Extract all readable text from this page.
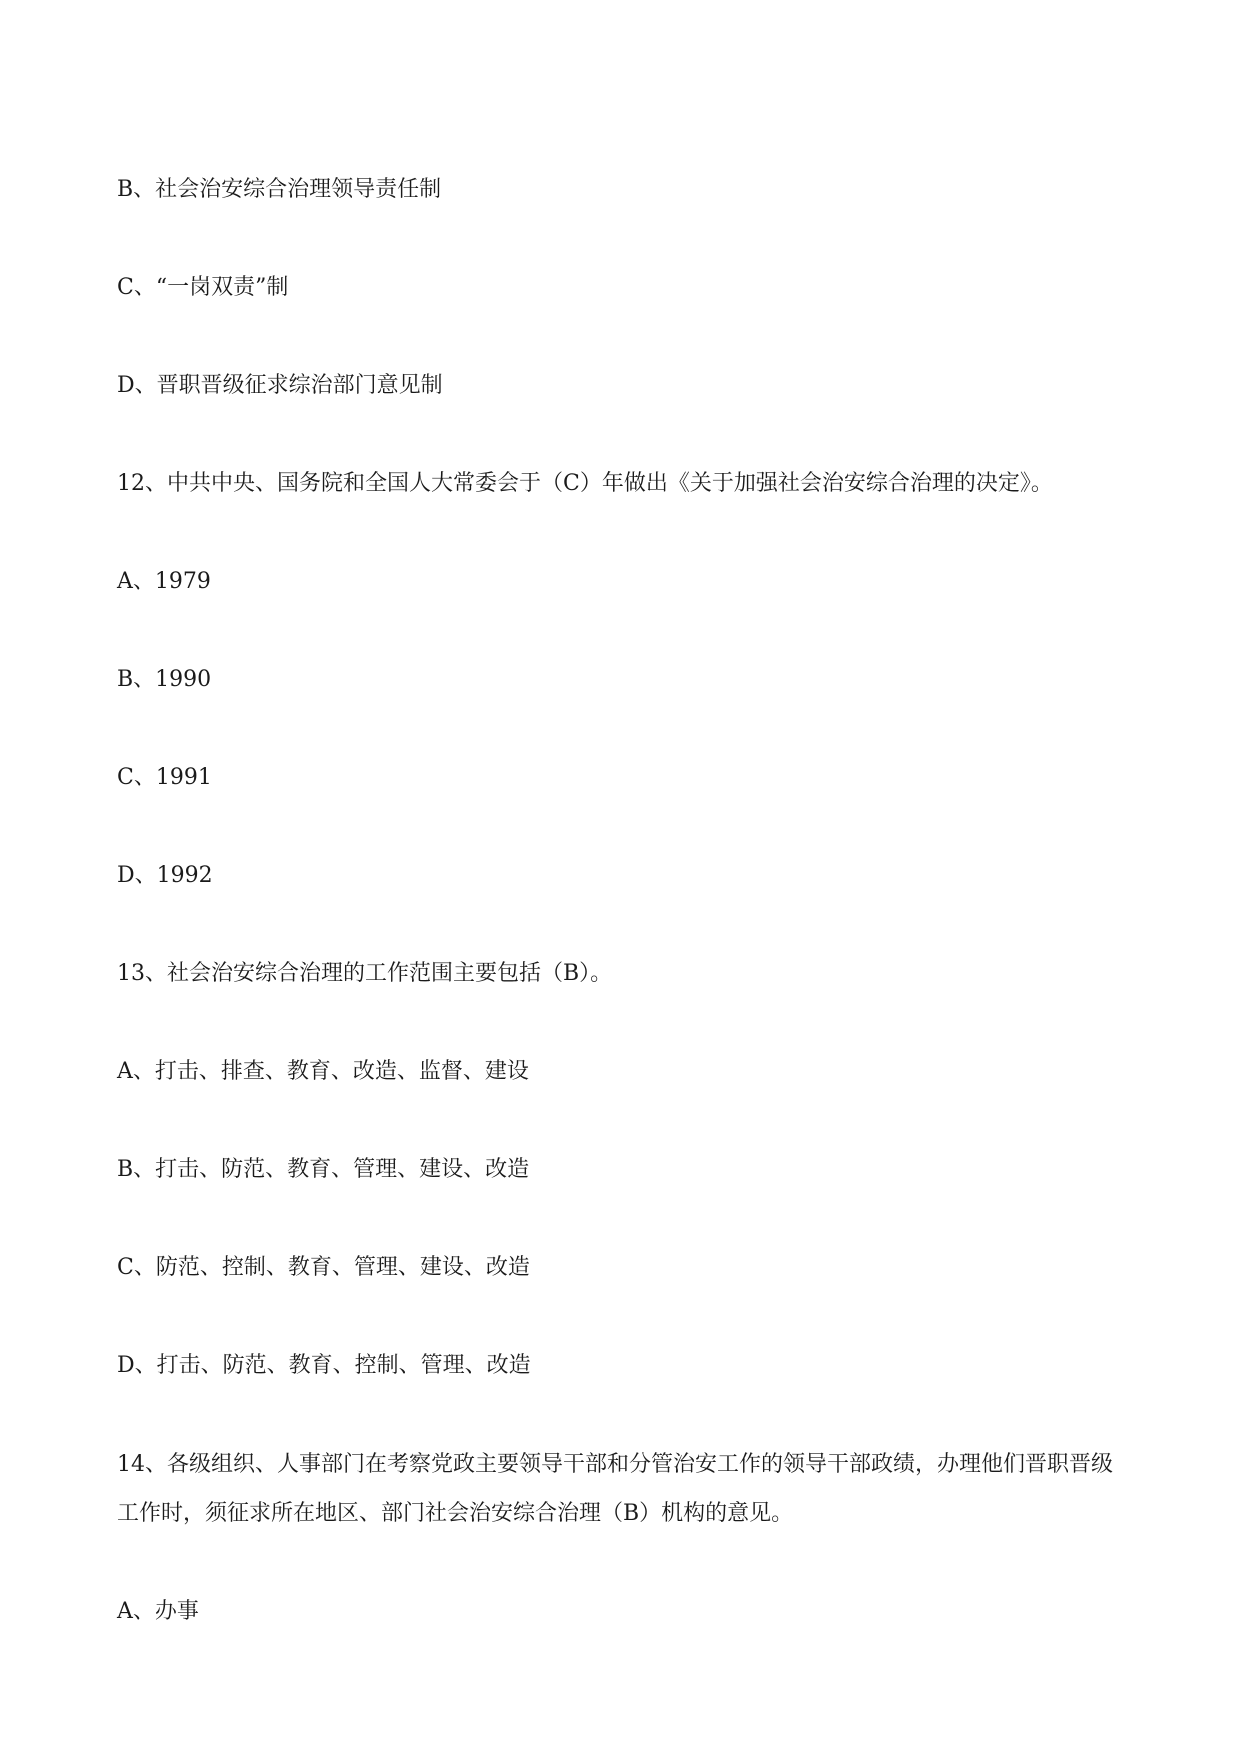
B、社会治安综合治理领导责任制
C、“一岗双责”制
D、晋职晋级征求综治部门意见制
12、中共中央、国务院和全国人大常委会于（C）年做出《关于加强社会治安综合治理的决定》。
A、1979
B、1990
C、1991
D、1992
13、社会治安综合治理的工作范围主要包括（B）。
A、打击、排查、教育、改造、监督、建设
B、打击、防范、教育、管理、建设、改造
C、防范、控制、教育、管理、建设、改造
D、打击、防范、教育、控制、管理、改造
14、各级组织、人事部门在考察党政主要领导干部和分管治安工作的领导干部政绩，办理他们晋职晋级工作时，须征求所在地区、部门社会治安综合治理（B）机构的意见。
A、办事
